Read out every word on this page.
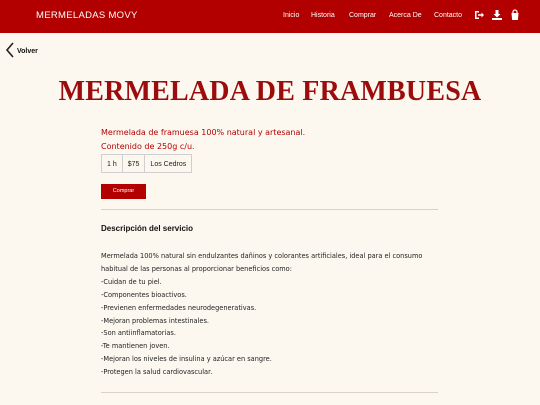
MERMELADAS MOVY	Inicio Historia Comprar Acerca De Contacto
Volver
MERMELADA DE FRAMBUESA
Mermelada de framuesa 100% natural y artesanal.
Contenido de 250g c/u.
1 h	$75	Los Cedros
Comprar
Descripción del servicio
Mermelada 100% natural sin endulzantes dañinos y colorantes artificiales, ideal para el consumo
habitual de las personas al proporcionar beneficios como:
-Cuidan de tu piel.
-Componentes bioactivos.
-Previenen enfermedades neurodegenerativas.
-Mejoran problemas intestinales.
-Son antiinflamatorias.
-Te mantienen joven.
-Mejoran los niveles de insulina y azúcar en sangre.
-Protegen la salud cardiovascular.
